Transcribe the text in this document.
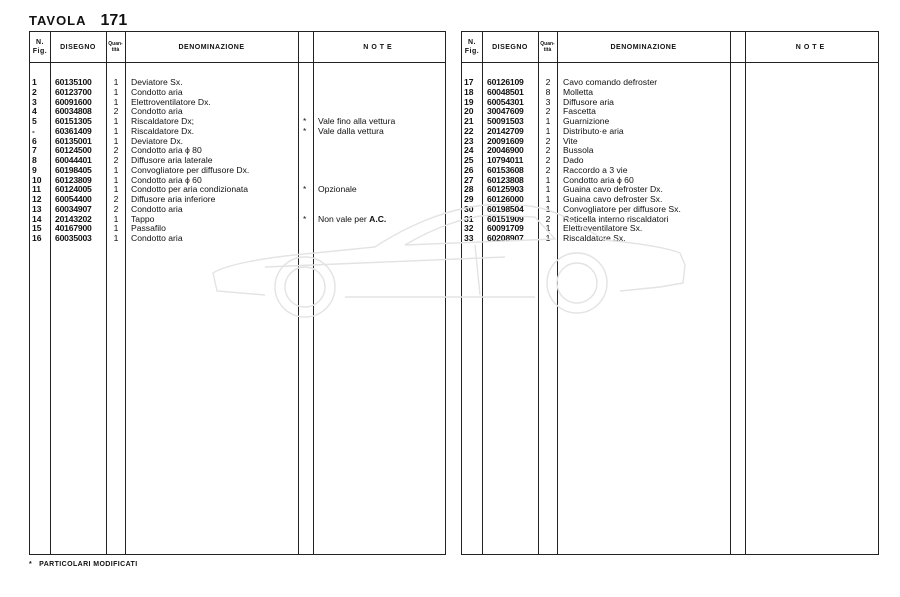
TAVOLA 171
N. Fig.
DISEGNO	Quan- tità	DENOMINAZIONE	NOTE
1 60135100	1	Deviatore Sx.
2 60123700	1	Condotto aria
3 60091600	1	Elettroventilatore Dx.
4 60034808	2	Condotto aria
5 60151305	1	Riscaldatore Dx;	* Vale fino alla vettura
- 60361409	1	Riscaldatore Dx.	* Vale dalla vettura
6 60135001	1	Deviatore Dx.
7 60124500	2	Condotto aria ϕ 80
8 60044401	2	Diffusore aria laterale
9 60198405	1	Convogliatore per diffusore Dx.
10 60123809	1	Condotto aria ϕ 60
11 60124005	1	Condotto per aria condizionata	* Opzionale
12 60054400	2	Diffusore aria inferiore
13 60034907	2	Condotto aria
14 20143202	1	Tappo	* Non vale per A.C.
15 40167900	1	Passafilo
16 60035003	1	Condotto aria
N. Fig.
DISEGNO	Quan- tità	DENOMINAZIONE	NOTE
17 60126109	2	Cavo comando defroster
18 60048501	8	Molletta
19 60054301	3	Diffusore aria
20 30047609	2	Fascetta
21 50091503	1	Guarnizione
22 20142709	1	Distributo·e aria
23 20091609	2	Vite
24 20046900	2	Bussola
25 10794011	2	Dado
26 60153608	2	Raccordo a 3 vie
27 60123808	1	Condotto aria ϕ 60
28 60125903	1	Guaina cavo defroster Dx.
29 60126000	1	Guaina cavo defroster Sx.
30 60198504	1	Convogliatore per diffusore Sx.
31 60151909	2	Reticella interno riscaldatori
32 60091709	1	Elettroventilatore Sx.
33 60208907	1	Riscaldatore Sx.
* PARTICOLARI MODIFICATI
